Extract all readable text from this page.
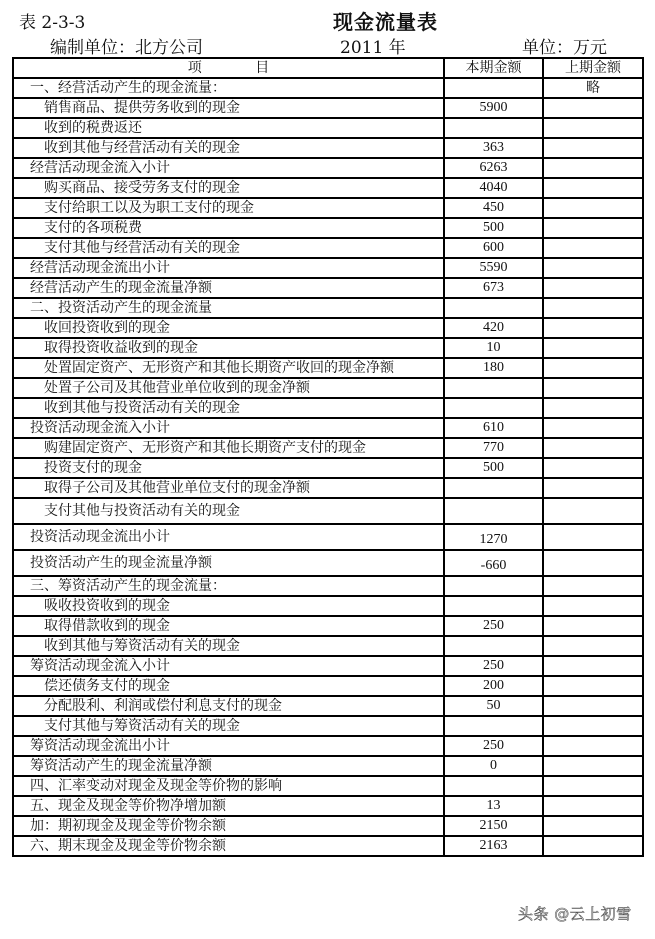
表 2-3-3	现金流量表
编制单位：北方公司	2011 年	单位：万元
项            目	本期金额	上期金额
一、经营活动产生的现金流量：		略
销售商品、提供劳务收到的现金	5900	
收到的税费返还		
收到其他与经营活动有关的现金	363	
经营活动现金流入小计	6263	
购买商品、接受劳务支付的现金	4040	
支付给职工以及为职工支付的现金	450	
支付的各项税费	500	
支付其他与经营活动有关的现金	600	
经营活动现金流出小计	5590	
经营活动产生的现金流量净额	673	
二、投资活动产生的现金流量		
收回投资收到的现金	420	
取得投资收益收到的现金	10	
处置固定资产、无形资产和其他长期资产收回的现金净额	180	
处置子公司及其他营业单位收到的现金净额		
收到其他与投资活动有关的现金		
投资活动现金流入小计	610	
购建固定资产、无形资产和其他长期资产支付的现金	770	
投资支付的现金	500	
取得子公司及其他营业单位支付的现金净额		
支付其他与投资活动有关的现金		
投资活动现金流出小计	1270	
投资活动产生的现金流量净额	-660	
三、筹资活动产生的现金流量：		
吸收投资收到的现金		
取得借款收到的现金	250	
收到其他与筹资活动有关的现金		
筹资活动现金流入小计	250	
偿还债务支付的现金	200	
分配股利、利润或偿付利息支付的现金	50	
支付其他与筹资活动有关的现金		
筹资活动现金流出小计	250	
筹资活动产生的现金流量净额	0	
四、汇率变动对现金及现金等价物的影响		
五、现金及现金等价物净增加额	13	
加：期初现金及现金等价物余额	2150	
六、期末现金及现金等价物余额	2163	
头条 @云上初雪
